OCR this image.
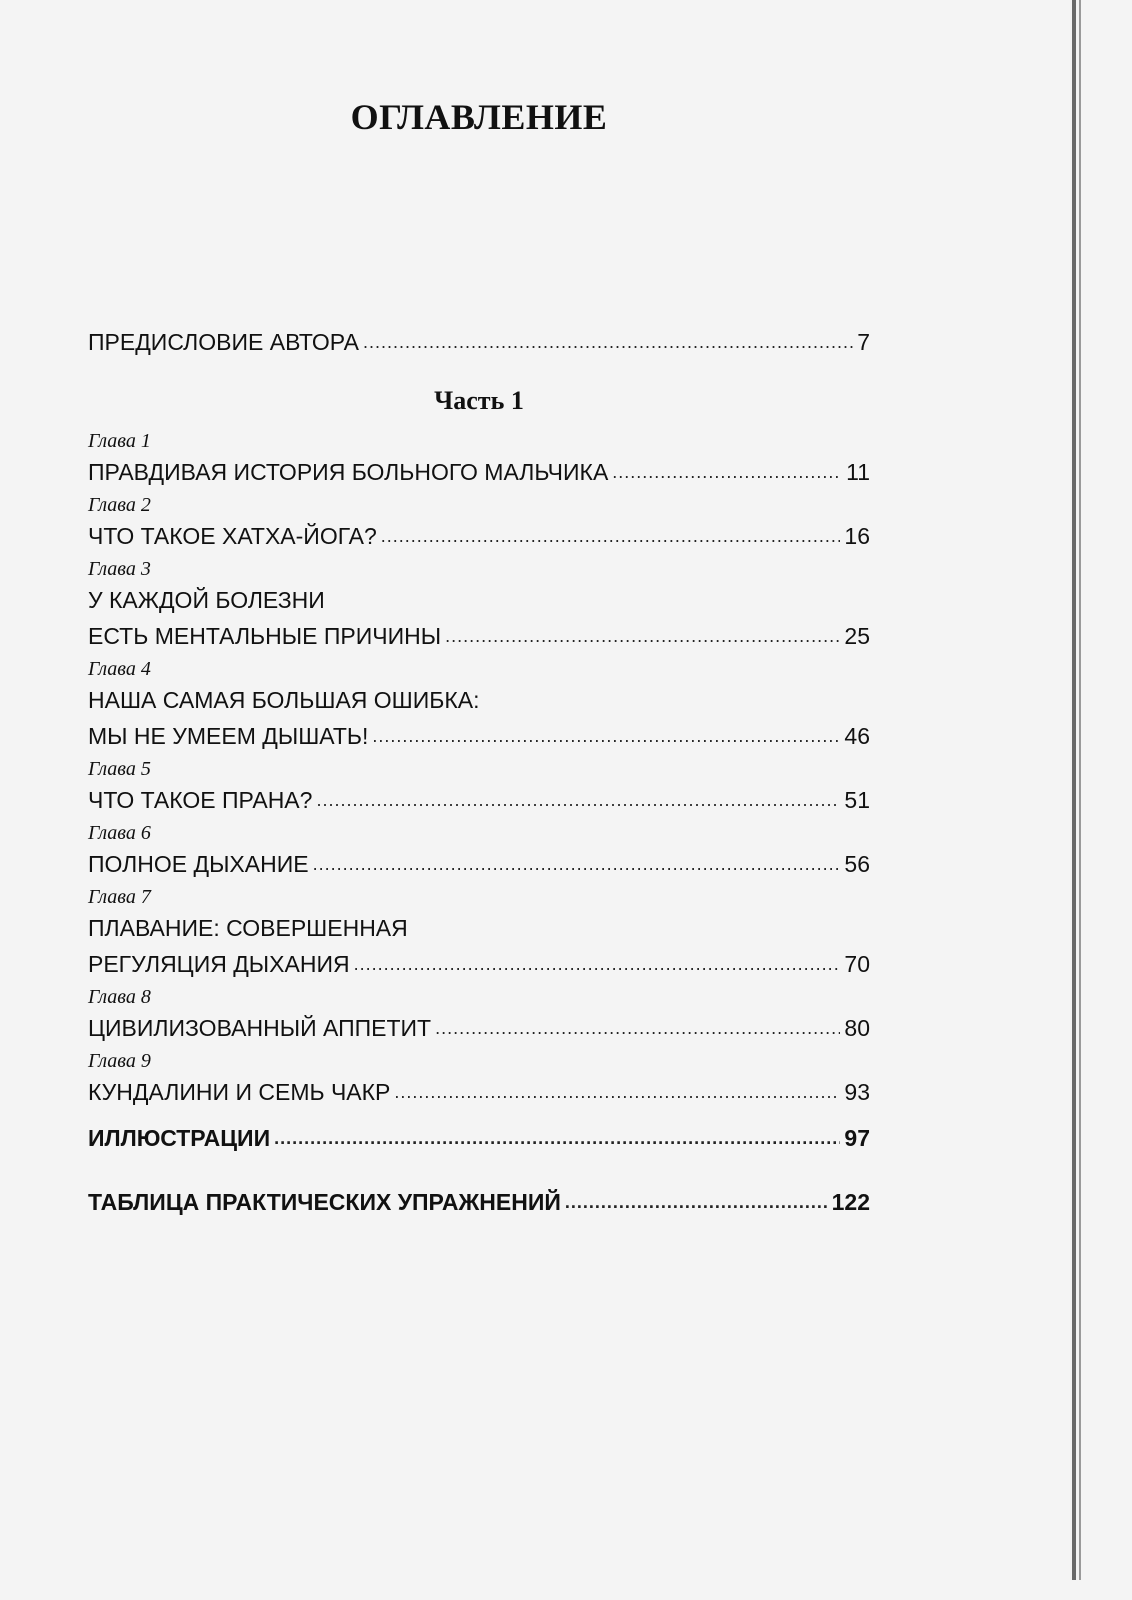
ОГЛАВЛЕНИЕ
ПРЕДИСЛОВИЕ АВТОРА .....	7
Часть 1
Глава 1
ПРАВДИВАЯ ИСТОРИЯ БОЛЬНОГО МАЛЬЧИКА .....	11
Глава 2
ЧТО ТАКОЕ ХАТХА-ЙОГА? .....	16
Глава 3
У КАЖДОЙ БОЛЕЗНИ
ЕСТЬ МЕНТАЛЬНЫЕ ПРИЧИНЫ .....	25
Глава 4
НАША САМАЯ БОЛЬШАЯ ОШИБКА:
МЫ НЕ УМЕЕМ ДЫШАТЬ! .....	46
Глава 5
ЧТО ТАКОЕ ПРАНА? .....	51
Глава 6
ПОЛНОЕ ДЫХАНИЕ .....	56
Глава 7
ПЛАВАНИЕ: СОВЕРШЕННАЯ
РЕГУЛЯЦИЯ ДЫХАНИЯ .....	70
Глава 8
ЦИВИЛИЗОВАННЫЙ АППЕТИТ .....	80
Глава 9
КУНДАЛИНИ И СЕМЬ ЧАКР .....	93
ИЛЛЮСТРАЦИИ .....	97
ТАБЛИЦА ПРАКТИЧЕСКИХ УПРАЖНЕНИЙ .....	122
